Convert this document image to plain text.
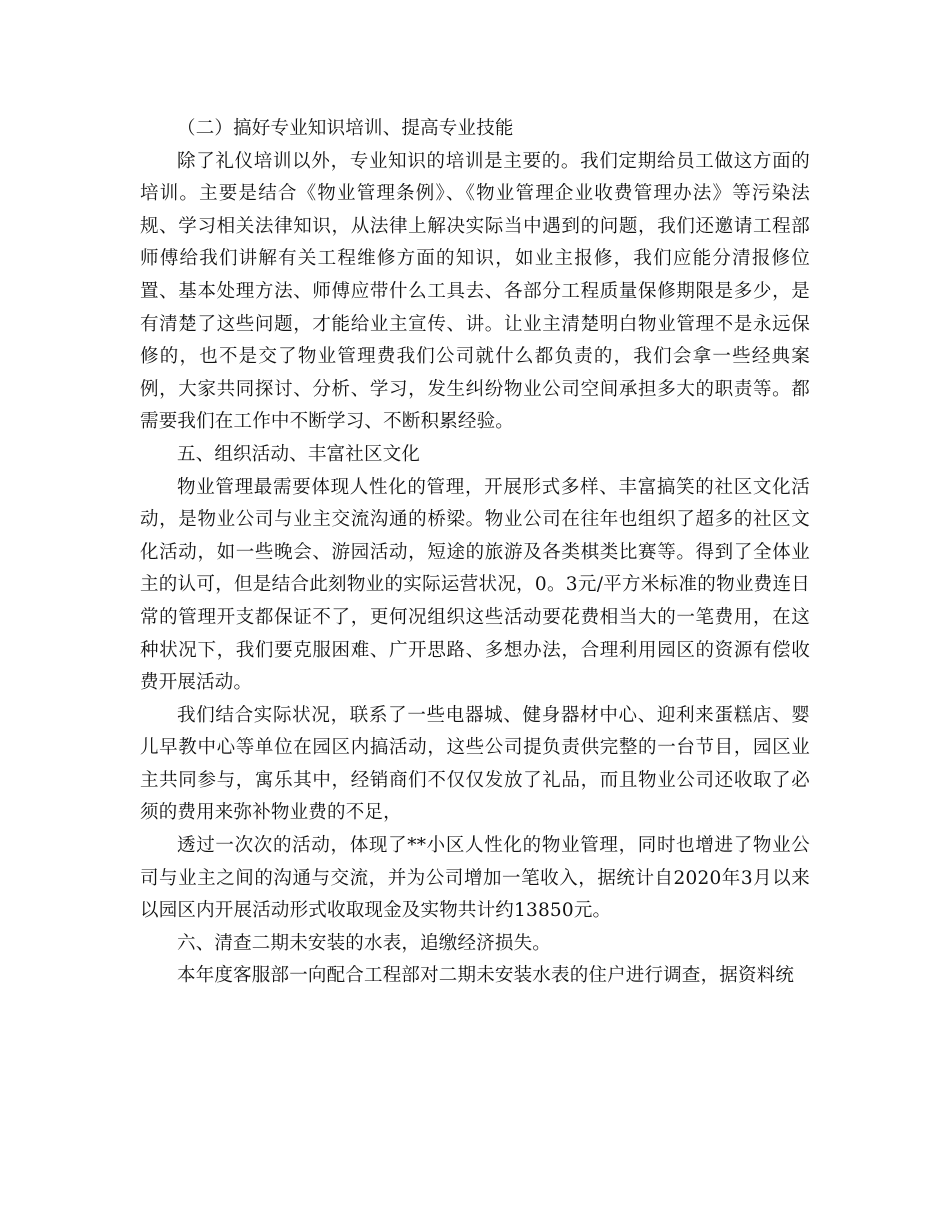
（二）搞好专业知识培训、提高专业技能

除了礼仪培训以外，专业知识的培训是主要的。我们定期给员工做这方面的培训。主要是结合《物业管理条例》、《物业管理企业收费管理办法》等污染法规、学习相关法律知识，从法律上解决实际当中遇到的问题，我们还邀请工程部师傅给我们讲解有关工程维修方面的知识，如业主报修，我们应能分清报修位置、基本处理方法、师傅应带什么工具去、各部分工程质量保修期限是多少，是有清楚了这些问题，才能给业主宣传、讲。让业主清楚明白物业管理不是永远保修的，也不是交了物业管理费我们公司就什么都负责的，我们会拿一些经典案例，大家共同探讨、分析、学习，发生纠纷物业公司空间承担多大的职责等。都需要我们在工作中不断学习、不断积累经验。

五、组织活动、丰富社区文化

物业管理最需要体现人性化的管理，开展形式多样、丰富搞笑的社区文化活动，是物业公司与业主交流沟通的桥梁。物业公司在往年也组织了超多的社区文化活动，如一些晚会、游园活动，短途的旅游及各类棋类比赛等。得到了全体业主的认可，但是结合此刻物业的实际运营状况，0。3元/平方米标准的物业费连日常的管理开支都保证不了，更何况组织这些活动要花费相当大的一笔费用，在这种状况下，我们要克服困难、广开思路、多想办法，合理利用园区的资源有偿收费开展活动。

我们结合实际状况，联系了一些电器城、健身器材中心、迎利来蛋糕店、婴儿早教中心等单位在园区内搞活动，这些公司提负责供完整的一台节目，园区业主共同参与，寓乐其中，经销商们不仅仅发放了礼品，而且物业公司还收取了必须的费用来弥补物业费的不足，

透过一次次的活动，体现了**小区人性化的物业管理，同时也增进了物业公司与业主之间的沟通与交流，并为公司增加一笔收入，据统计自2020年3月以来以园区内开展活动形式收取现金及实物共计约13850元。

六、清查二期未安装的水表，追缴经济损失。

本年度客服部一向配合工程部对二期未安装水表的住户进行调查，据资料统
